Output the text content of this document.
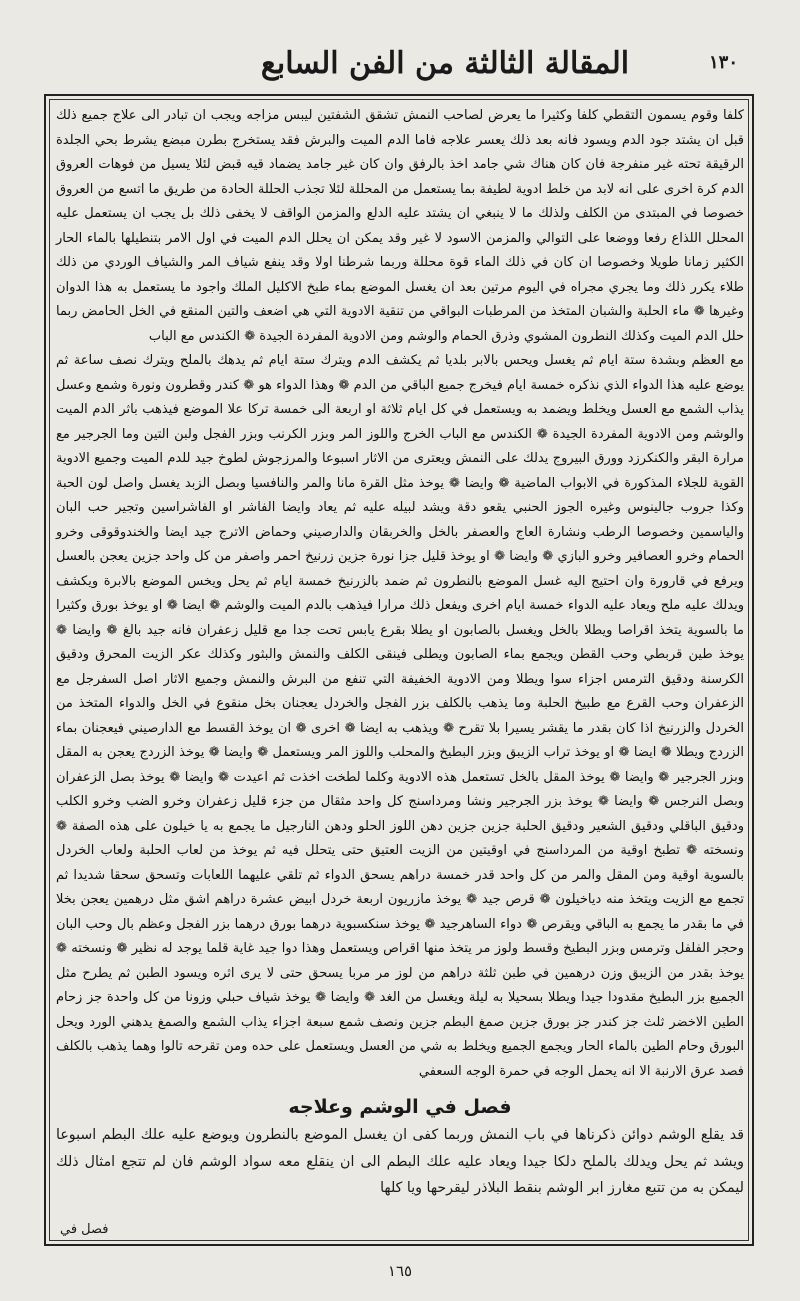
١٣٠
المقالة الثالثة من الفن السابع

كلفا وقوم يسمون التقطي كلفا وكثيرا ما يعرض لصاحب النمش تشقق الشفتين ليبس مزاجه ويجب ان تبادر الى علاج جميع ذلك قبل ان يشتد جود الدم ويسود فانه بعد ذلك يعسر علاجه فاما الدم الميت والبرش فقد يستخرج بطرن مبضع يشرط بحي الجلدة الرقيقة تحته غير منفرجة فان كان هناك شي جامد اخذ بالرفق وان كان غير جامد يضماد قيه قبض لئلا يسيل من فوهات العروق الدم كرة اخرى على انه لابد من خلط ادوية لطيفة بما يستعمل من المحللة لئلا تجذب الحللة الحادة من طريق ما اتسع من العروق خصوصا في المبتدى من الكلف ولذلك ما لا ينبغي ان يشتد عليه الدلع والمزمن الواقف لا يخفى ذلك بل يجب ان يستعمل عليه المحلل اللذاع رفعا ووضعا على التوالي والمزمن الاسود لا غير وقد يمكن ان يحلل الدم الميت في اول الامر بتنطيلها بالماء الحار الكثير زمانا طويلا وخصوصا ان كان في ذلك الماء قوة محللة وربما شرطنا اولا وقد ينفع شياف المر والشياف الوردي من ذلك طلاء يكرر ذلك وما يجري مجراه في اليوم مرتين بعد ان يغسل الموضع بماء طبخ الاكليل الملك واجود ما يستعمل به هذا الدوان وغيرها ❁ ماء الحلبة والشبان المتخذ من المرطبات البواقي من تنقية الادوية التي هي اضعف والتين المنقع في الخل الحامض ربما حلل الدم الميت وكذلك النطرون المشوي وذرق الحمام والوشم ومن الادوية المفردة الجيدة ❁ الكندس مع الباب

مع العظم وبشدة ستة ايام ثم يغسل ويحس بالابر بلديا ثم يكشف الدم ويترك ستة ايام ثم يدهك بالملح ويترك نصف ساعة ثم يوضع عليه هذا الدواء الذي نذكره خمسة ايام فيخرج جميع الباقي من الدم ❁ وهذا الدواء هو ❁ كندر وقطرون ونورة وشمع وعسل يذاب الشمع مع العسل ويخلط ويضمد به ويستعمل في كل ايام ثلاثة او اربعة الى خمسة تركا علا الموضع فيذهب باثر الدم الميت والوشم ومن الادوية المفردة الجيدة ❁ الكندس مع الباب الخرج واللوز المر وبزر الكرنب وبزر الفجل ولبن التين وما الجرجير مع مرارة البقر والكنكرزد وورق البيروج يدلك على النمش ويعترى من الاثار اسبوعا والمرزجوش لطوخ جيد للدم الميت وجميع الادوية القوية للجلاء المذكورة في الابواب الماضية ❁ وايضا ❁ يوخذ مثل القرة مانا والمر والنافسيا وبصل الزبد يغسل واصل لون الحبة وكذا جروب جالينوس وغيره الجوز الحنبي يقعو دقة ويشد لبيله عليه ثم يعاد وايضا الفاشر او الفاشراسين وتجير حب البان والياسمين وخصوصا الرطب ونشارة العاج والعصفر بالخل والخربقان والدارصيني وحماض الاترج جيد ايضا والخندوقوقى وخرو الحمام وخرو العصافير وخرو البازي ❁ وايضا ❁ او يوخذ قليل جزا نورة جزين زرنيخ احمر واصفر من كل واحد جزين يعجن بالعسل ويرفع في قارورة وان احتيج اليه غسل الموضع بالنطرون ثم ضمد بالزرنيخ خمسة ايام ثم يحل ويخس الموضع بالابرة ويكشف ويدلك عليه ملح ويعاد عليه الدواء خمسة ايام اخرى ويفعل ذلك مرارا فيذهب بالدم الميت والوشم ❁ ايضا ❁ او يوخذ بورق وكثيرا ما بالسوية يتخذ اقراصا ويطلا بالخل ويغسل بالصابون او يطلا بقرع يابس تحت جدا مع قليل زعفران فانه جيد بالغ ❁ وايضا ❁ يوخذ طين قربطي وحب القطن ويجمع بماء الصابون ويطلى فينقى الكلف والنمش والبثور وكذلك عكر الزيت المحرق ودقيق الكرسنة ودقيق الترمس اجزاء سوا ويطلا ومن الادوية الخفيفة التي تنفع من البرش والنمش وجميع الاثار اصل السفرجل مع الزعفران وحب القرع مع طبيخ الحلبة وما يذهب بالكلف بزر الفجل والخردل يعجنان بخل منقوع في الخل والدواء المتخذ من الخردل والزرنيخ اذا كان بقدر ما يقشر يسيرا بلا تقرح ❁ ويذهب به ايضا ❁ اخرى ❁ ان يوخذ القسط مع الدارصيني فيعجنان بماء الزردج ويطلا ❁ ايضا ❁ او يوخذ تراب الزيبق وبزر البطيخ والمحلب واللوز المر ويستعمل ❁ وايضا ❁ يوخذ الزردج يعجن به المقل وبزر الجرجير ❁ وايضا ❁ يوخذ المقل بالخل تستعمل هذه الادوية وكلما لطخت اخذت ثم اعيدت ❁ وايضا ❁ يوخذ بصل الزعفران وبصل النرجس ❁ وايضا ❁ يوخذ بزر الجرجير ونشا ومرداسنج كل واحد مثقال من جزء قليل زعفران وخرو الضب وخرو الكلب ودقيق الباقلي ودقيق الشعير ودقيق الحلبة جزين جزين دهن اللوز الحلو ودهن النارجيل ما يجمع به يا خيلون على هذه الصفة ❁ ونسخته ❁ تطبخ اوقية من المرداسنج في اوقيتين من الزيت العتيق حتى يتحلل فيه ثم يوخذ من لعاب الحلبة ولعاب الخردل بالسوية اوقية ومن المقل والمر من كل واحد قدر خمسة دراهم يسحق الدواء ثم تلقي عليهما اللعابات وتسحق سحقا شديدا ثم تجمع مع الزيت ويتخذ منه دياخيلون ❁ قرص جيد ❁ يوخذ مازريون اربعة خردل ابيض عشرة دراهم اشق مثل درهمين يعجن بخلا في ما بقدر ما يجمع به الباقي ويقرص ❁ دواء الساهرجيد ❁ يوخذ سنكسبوية درهما بورق درهما بزر الفجل وعظم بال وحب البان وحجر الفلفل وترمس وبزر البطيخ وقسط ولوز مر يتخذ منها اقراص ويستعمل وهذا دوا جيد غاية قلما يوجد له نظير ❁ ونسخته ❁ يوخذ بقدر من الزيبق وزن درهمين في طبن ثلثة دراهم من لوز مر مربا يسحق حتى لا يرى اثره ويسود الطبن ثم يطرح مثل الجميع بزر البطيخ مقدودا جيدا ويطلا بسحيلا به ليلة ويغسل من الغد ❁ وايضا ❁ يوخذ شياف حبلي وزونا من كل واحدة جز زحام الطين الاخضر ثلث جز كندر جز بورق جزين صمغ البطم جزين ونصف شمع سبعة اجزاء يذاب الشمع والصمغ يدهني الورد ويحل البورق وحام الطين بالماء الحار ويجمع الجميع ويخلط به شي من العسل ويستعمل على حده ومن تقرحه تالوا وهما يذهب بالكلف فصد عرق الارنبة الا انه يحمل الوجه في حمرة الوجه السعفي

فصل في الوشم وعلاجه
قد يقلع الوشم دوائن ذكرناها في باب النمش وربما كفى ان يغسل الموضع بالنطرون ويوضع عليه علك البطم اسبوعا ويشد ثم يحل ويدلك بالملح دلكا جيدا ويعاد عليه علك البطم الى ان ينقلع معه سواد الوشم فان لم تتجع امثال ذلك ليمكن به من تتبع مغارز ابر الوشم بنقط البلاذر ليقرحها ويا كلها
فصل في
١٦٥
